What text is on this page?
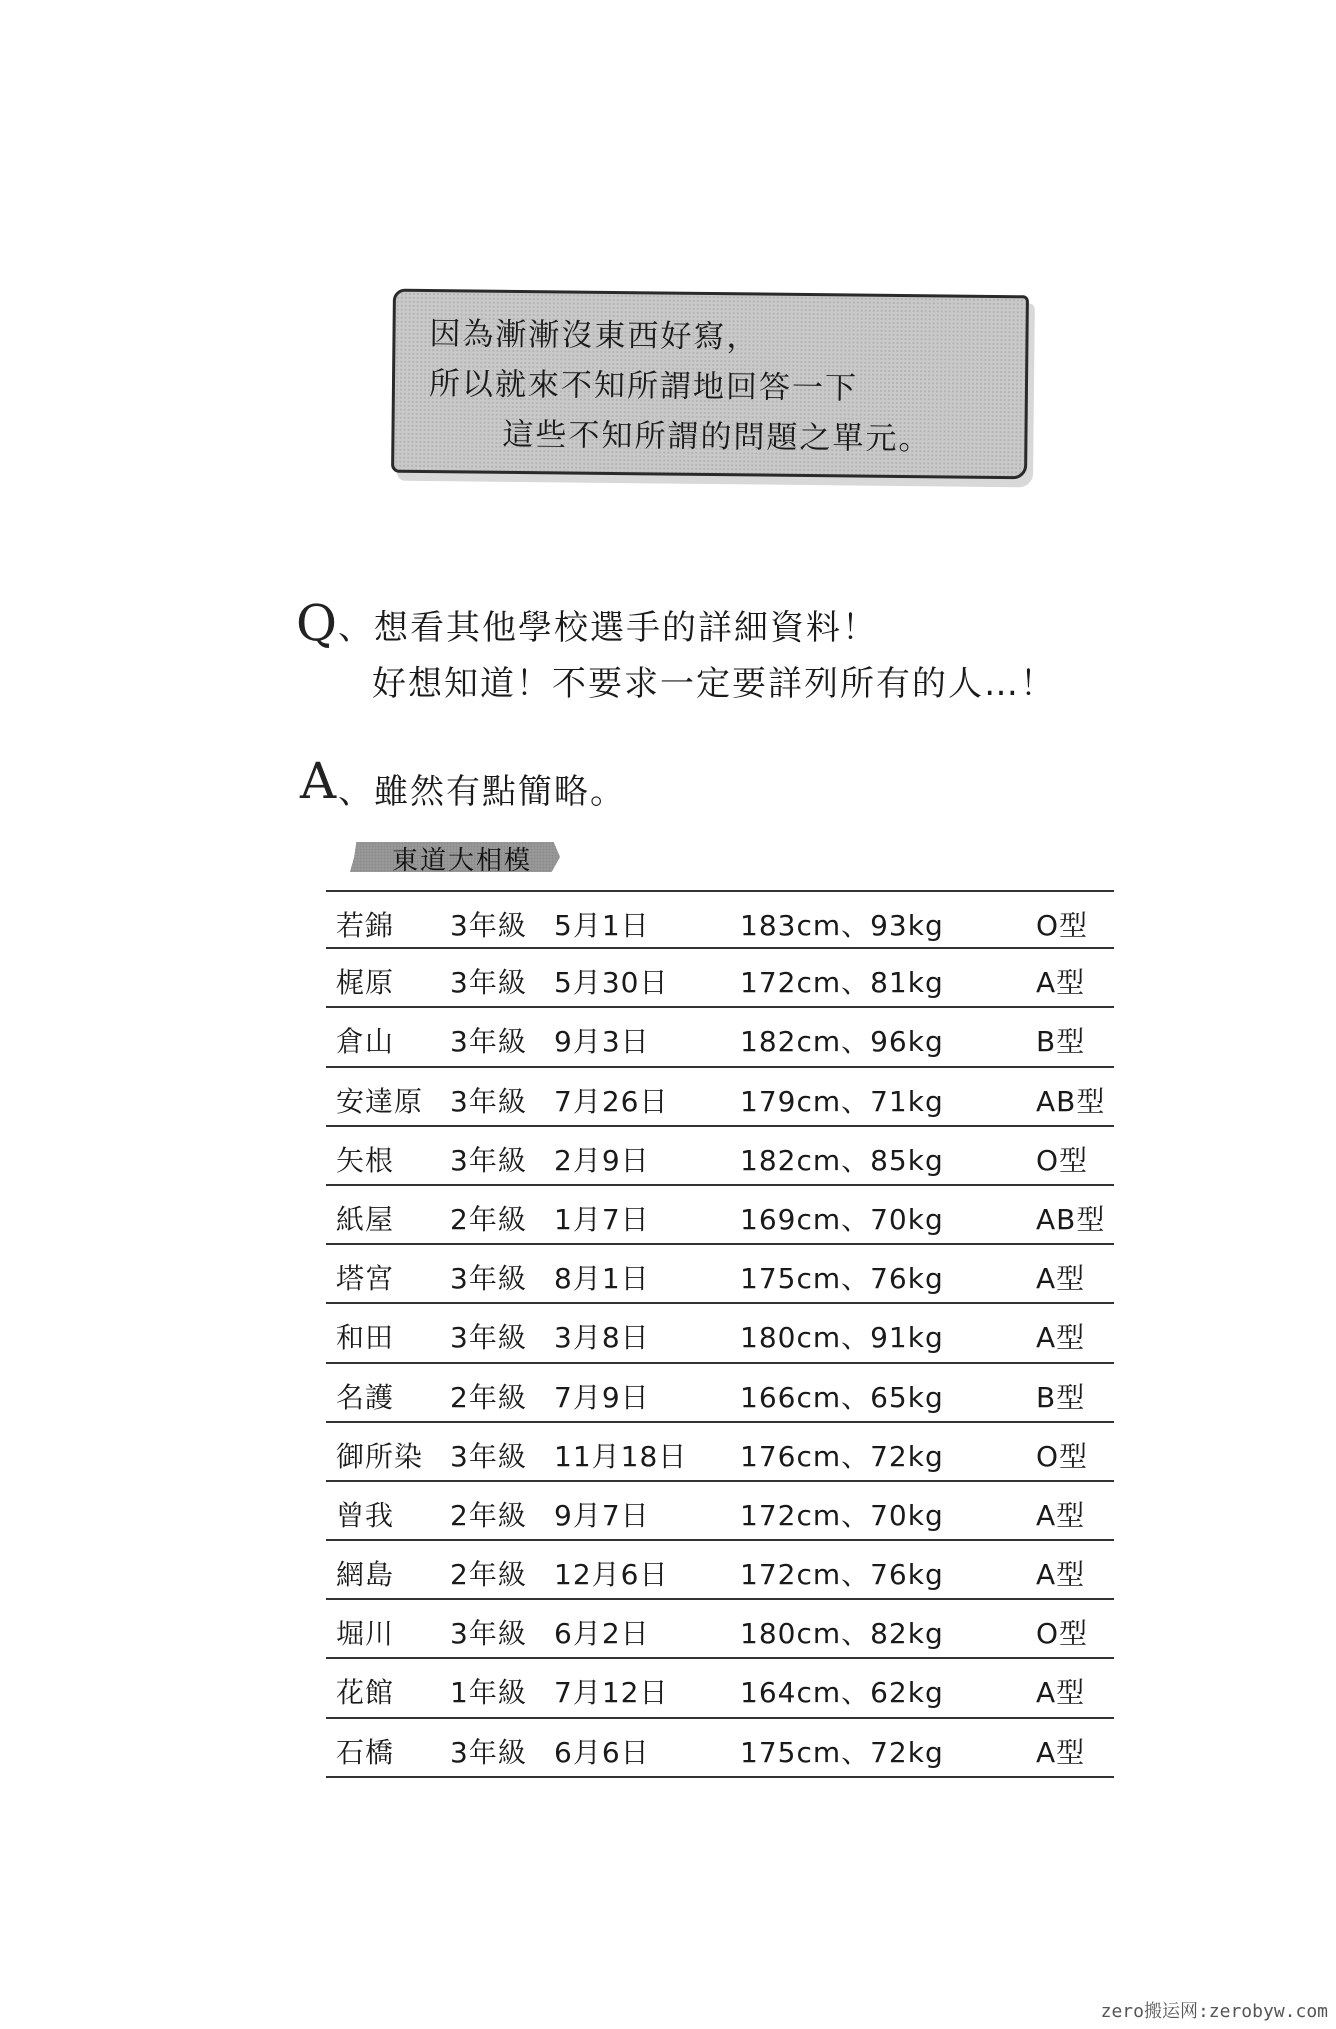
因為漸漸沒東西好寫，
所以就來不知所謂地回答一下
這些不知所謂的問題之單元。
Q 、想看其他學校選手的詳細資料！
好想知道！不要求一定要詳列所有的人…！
A 、雖然有點簡略。
東道大相模
若錦 3年級 5月1日	183cm、93kg	O型
梶原 3年級 5月30日	172cm、81kg	A型
倉山 3年級 9月3日	182cm、96kg	B型
安達原 3年級 7月26日	179cm、71kg	AB型
矢根 3年級 2月9日	182cm、85kg	O型
紙屋 2年級 1月7日	169cm、70kg	AB型
塔宮 3年級 8月1日	175cm、76kg	A型
和田 3年級 3月8日	180cm、91kg	A型
名護 2年級 7月9日	166cm、65kg	B型
御所染 3年級 11月18日 176cm、72kg	O型
曾我 2年級 9月7日	172cm、70kg	A型
網島 2年級 12月6日	172cm、76kg	A型
堀川 3年級 6月2日	180cm、82kg	O型
花館 1年級 7月12日	164cm、62kg	A型
石橋 3年級 6月6日	175cm、72kg	A型
zero搬运网:zerobyw.com
